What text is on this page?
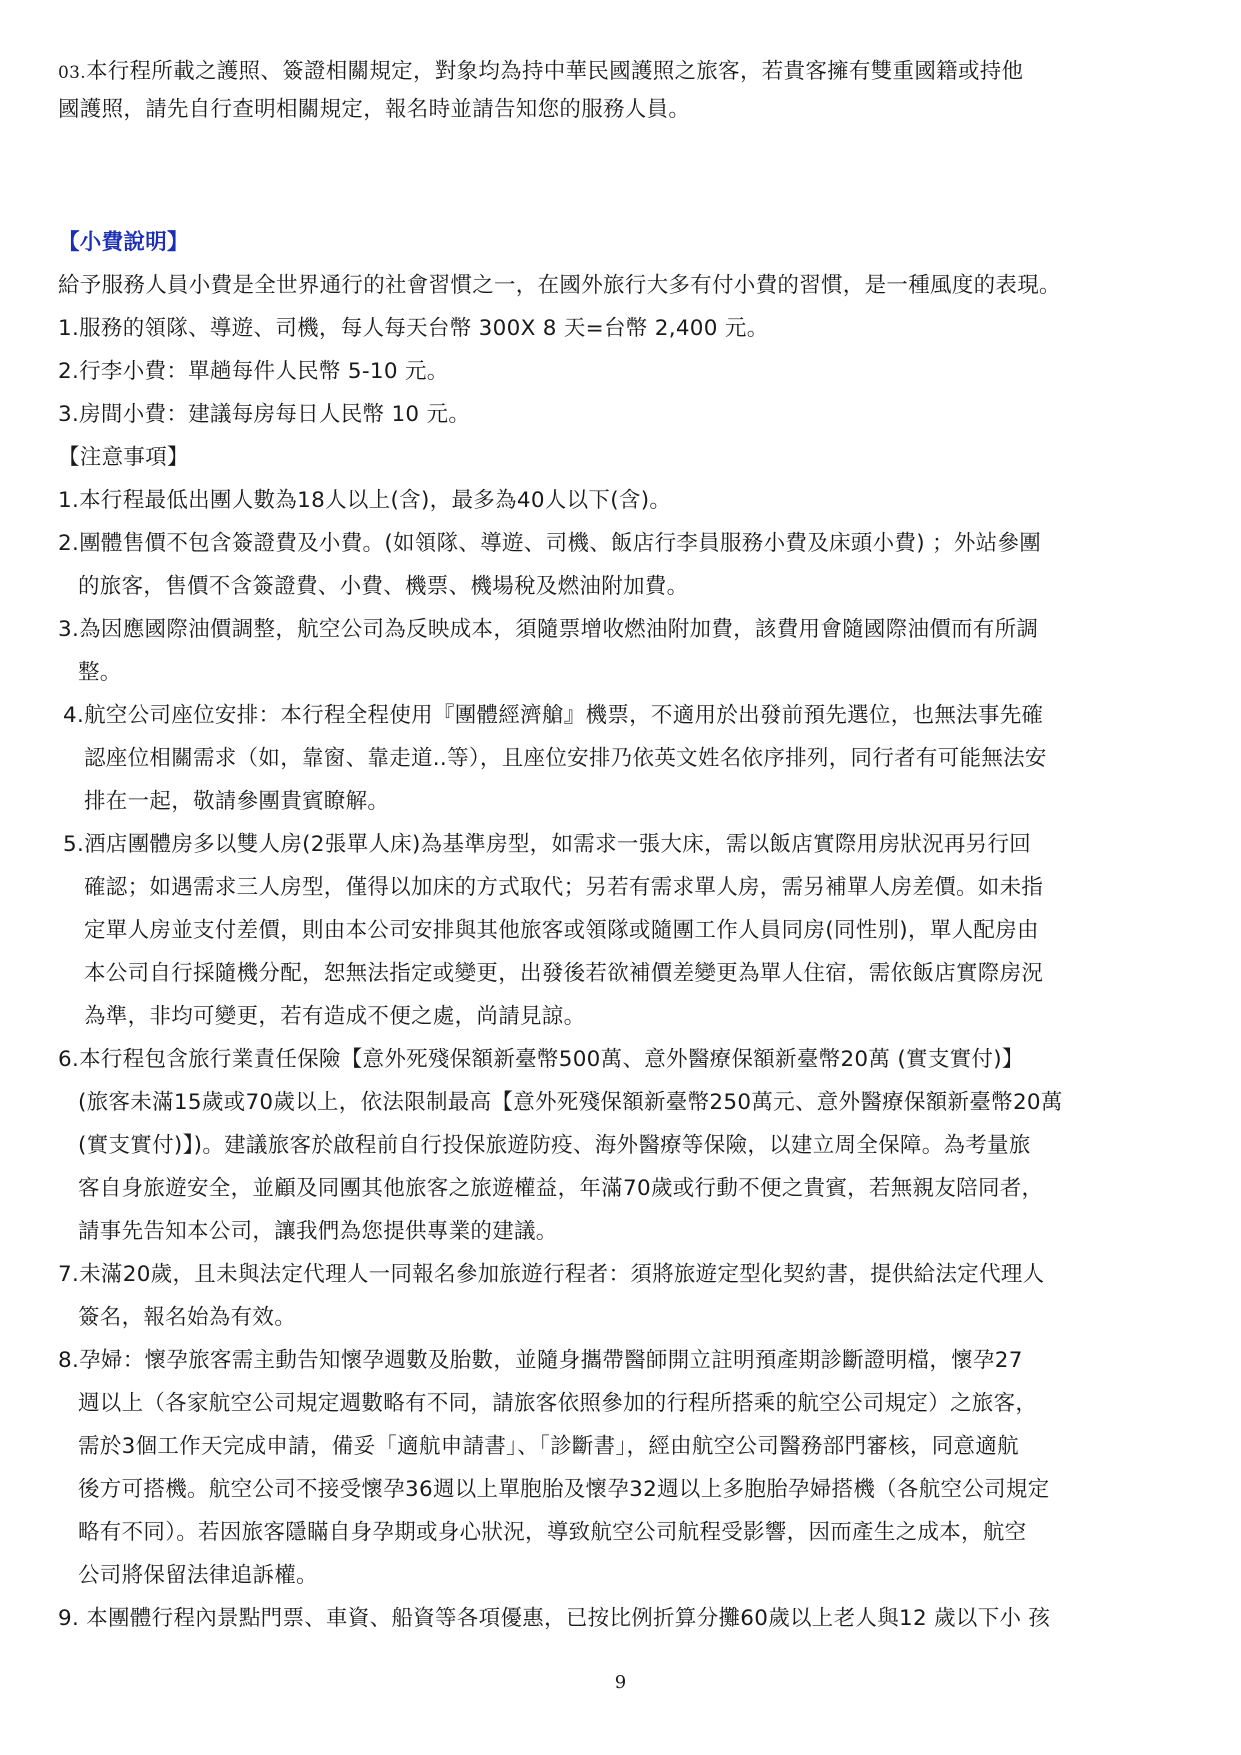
03.本行程所載之護照、簽證相關規定，對象均為持中華民國護照之旅客，若貴客擁有雙重國籍或持他
國護照，請先自行查明相關規定，報名時並請告知您的服務人員。
【小費說明】
給予服務人員小費是全世界通行的社會習慣之一，在國外旅行大多有付小費的習慣，是一種風度的表現。
1.服務的領隊、導遊、司機，每人每天台幣 300X 8 天=台幣 2,400 元。
2.行李小費：單趟每件人民幣 5-10 元。
3.房間小費：建議每房每日人民幣 10 元。
【注意事項】
1.本行程最低出團人數為18人以上(含)，最多為40人以下(含)。
2.團體售價不包含簽證費及小費。(如領隊、導遊、司機、飯店行李員服務小費及床頭小費) ；外站參團
的旅客，售價不含簽證費、小費、機票、機場稅及燃油附加費。
3.為因應國際油價調整，航空公司為反映成本，須隨票增收燃油附加費，該費用會隨國際油價而有所調
整。
4.航空公司座位安排：本行程全程使用『團體經濟艙』機票，不適用於出發前預先選位，也無法事先確
認座位相關需求（如，靠窗、靠走道..等），且座位安排乃依英文姓名依序排列，同行者有可能無法安
排在一起，敬請參團貴賓瞭解。
5.酒店團體房多以雙人房(2張單人床)為基準房型，如需求一張大床，需以飯店實際用房狀況再另行回
確認；如遇需求三人房型，僅得以加床的方式取代；另若有需求單人房，需另補單人房差價。如未指
定單人房並支付差價，則由本公司安排與其他旅客或領隊或隨團工作人員同房(同性別)，單人配房由
本公司自行採隨機分配，恕無法指定或變更，出發後若欲補價差變更為單人住宿，需依飯店實際房況
為準，非均可變更，若有造成不便之處，尚請見諒。
6.本行程包含旅行業責任保險【意外死殘保額新臺幣500萬、意外醫療保額新臺幣20萬 (實支實付)】
(旅客未滿15歲或70歲以上，依法限制最高【意外死殘保額新臺幣250萬元、意外醫療保額新臺幣20萬
(實支實付)】)。建議旅客於啟程前自行投保旅遊防疫、海外醫療等保險，以建立周全保障。為考量旅
客自身旅遊安全，並顧及同團其他旅客之旅遊權益，年滿70歲或行動不便之貴賓，若無親友陪同者，
請事先告知本公司，讓我們為您提供專業的建議。
7.未滿20歲，且未與法定代理人一同報名參加旅遊行程者：須將旅遊定型化契約書，提供給法定代理人
簽名，報名始為有效。
8.孕婦：懷孕旅客需主動告知懷孕週數及胎數，並隨身攜帶醫師開立註明預產期診斷證明檔，懷孕27
週以上（各家航空公司規定週數略有不同，請旅客依照參加的行程所搭乘的航空公司規定）之旅客，
需於3個工作天完成申請，備妥「適航申請書」、「診斷書」，經由航空公司醫務部門審核，同意適航
後方可搭機。航空公司不接受懷孕36週以上單胞胎及懷孕32週以上多胞胎孕婦搭機（各航空公司規定
略有不同）。若因旅客隱瞞自身孕期或身心狀況，導致航空公司航程受影響，因而產生之成本，航空
公司將保留法律追訴權。
9. 本團體行程內景點門票、車資、船資等各項優惠，已按比例折算分攤60歲以上老人與12 歲以下小 孩
9
